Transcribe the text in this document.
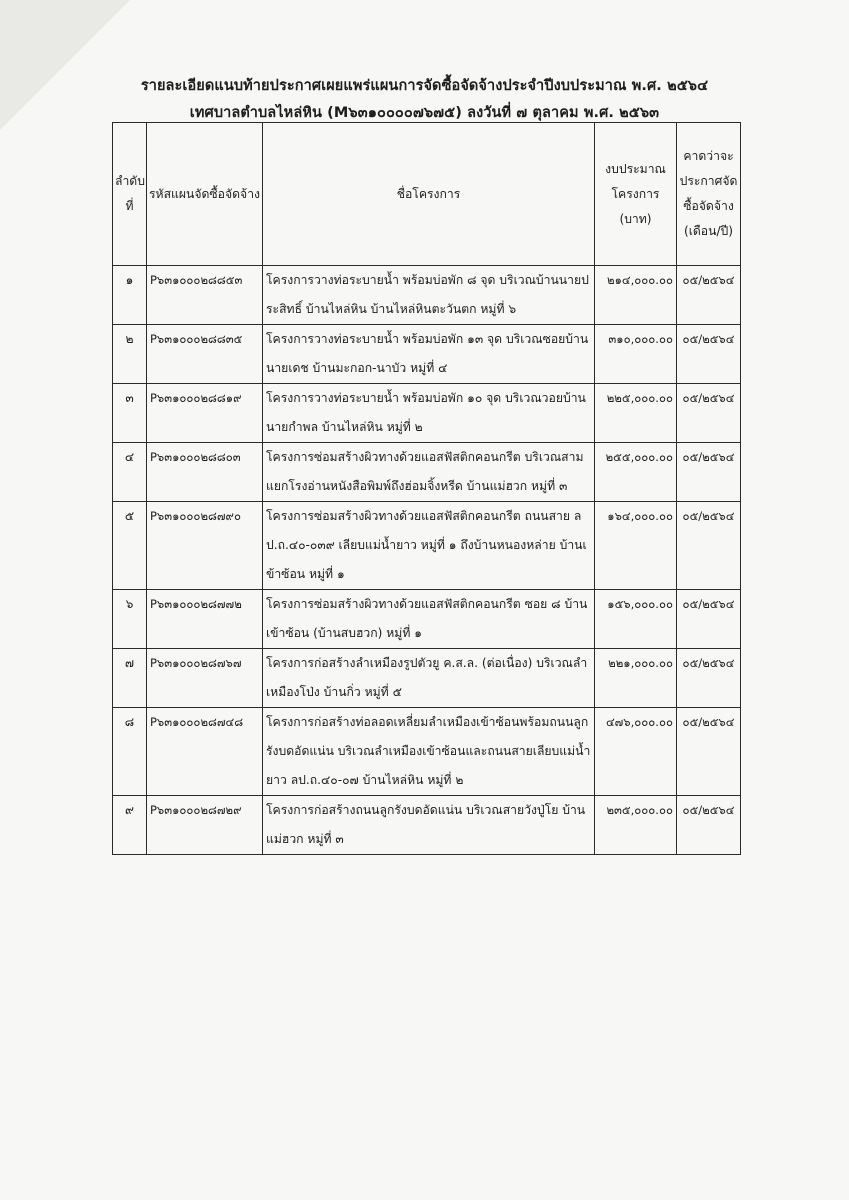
รายละเอียดแนบท้ายประกาศเผยแพร่แผนการจัดซื้อจัดจ้างประจำปีงบประมาณ พ.ศ. ๒๕๖๔
เทศบาลตำบลไหล่หิน (M๖๓๑๐๐๐๐๗๖๗๕) ลงวันที่ ๗ ตุลาคม พ.ศ. ๒๕๖๓
ลำดับที่	รหัสแผนจัดซื้อจัดจ้าง	ชื่อโครงการ	งบประมาณโครงการ (บาท)	คาดว่าจะประกาศจัดซื้อจัดจ้าง (เดือน/ปี)
๑	P๖๓๑๐๐๐๒๘๘๕๓	โครงการวางท่อระบายน้ำ พร้อมบ่อพัก ๘ จุด บริเวณบ้านนายประสิทธิ์ บ้านไหล่หิน บ้านไหล่หินตะวันตก หมู่ที่ ๖	๒๑๔,๐๐๐.๐๐	๐๕/๒๕๖๔
๒	P๖๓๑๐๐๐๒๘๘๓๕	โครงการวางท่อระบายน้ำ พร้อมบ่อพัก ๑๓ จุด บริเวณซอยบ้านนายเดช บ้านมะกอก-นาบัว หมู่ที่ ๔	๓๑๐,๐๐๐.๐๐	๐๕/๒๕๖๔
๓	P๖๓๑๐๐๐๒๘๘๑๙	โครงการวางท่อระบายน้ำ พร้อมบ่อพัก ๑๐ จุด บริเวณวอยบ้านนายกำพล บ้านไหล่หิน หมู่ที่ ๒	๒๒๕,๐๐๐.๐๐	๐๕/๒๕๖๔
๔	P๖๓๑๐๐๐๒๘๘๐๓	โครงการซ่อมสร้างผิวทางด้วยแอสฟัสติกคอนกรีต บริเวณสามแยกโรงอ่านหนังสือพิมพ์ถึงฮ่อมจิ้งหรีด บ้านแม่ฮวก หมู่ที่ ๓	๒๕๕,๐๐๐.๐๐	๐๕/๒๕๖๔
๕	P๖๓๑๐๐๐๒๘๗๙๐	โครงการซ่อมสร้างผิวทางด้วยแอสฟัสติกคอนกรีต ถนนสาย ลป.ถ.๔๐-๐๓๙ เลียบแม่น้ำยาว หมู่ที่ ๑ ถึงบ้านหนองหล่าย บ้านเข้าซ้อน หมู่ที่ ๑	๑๖๔,๐๐๐.๐๐	๐๕/๒๕๖๔
๖	P๖๓๑๐๐๐๒๘๗๗๒	โครงการซ่อมสร้างผิวทางด้วยแอสฟัสติกคอนกรีต ซอย ๘ บ้านเข้าซ้อน (บ้านสบฮวก) หมู่ที่ ๑	๑๕๖,๐๐๐.๐๐	๐๕/๒๕๖๔
๗	P๖๓๑๐๐๐๒๘๗๖๗	โครงการก่อสร้างลำเหมืองรูปตัวยู ค.ส.ล. (ต่อเนื่อง) บริเวณลำเหมืองโป่ง บ้านกิ่ว หมู่ที่ ๕	๒๒๑,๐๐๐.๐๐	๐๕/๒๕๖๔
๘	P๖๓๑๐๐๐๒๘๗๔๘	โครงการก่อสร้างท่อลอดเหลี่ยมลำเหมืองเข้าซ้อนพร้อมถนนลูกรังบดอัดแน่น บริเวณลำเหมืองเข้าซ้อนและถนนสายเลียบแม่น้ำยาว ลป.ถ.๔๐-๐๗ บ้านไหล่หิน หมู่ที่ ๒	๔๗๖,๐๐๐.๐๐	๐๕/๒๕๖๔
๙	P๖๓๑๐๐๐๒๘๗๒๙	โครงการก่อสร้างถนนลูกรังบดอัดแน่น บริเวณสายวังปู่โย บ้านแม่ฮวก หมู่ที่ ๓	๒๓๕,๐๐๐.๐๐	๐๕/๒๕๖๔
